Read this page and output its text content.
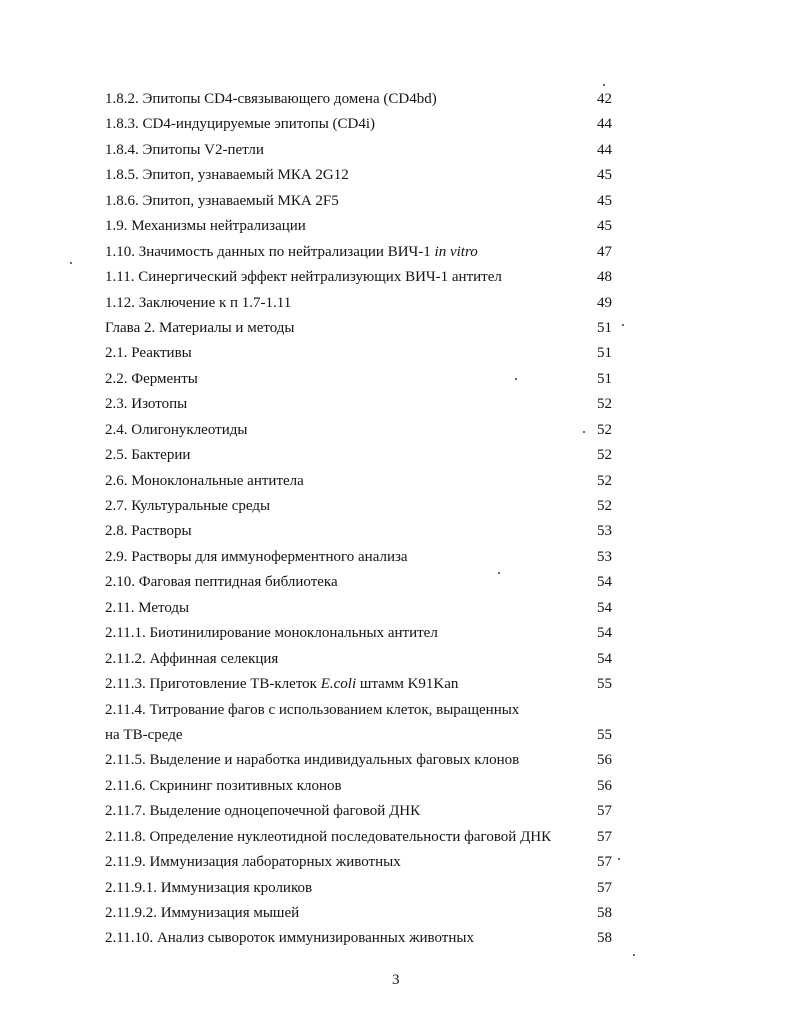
1.8.2. Эпитопы CD4-связывающего домена (CD4bd)	42
1.8.3. CD4-индуцируемые эпитопы (CD4i)	44
1.8.4. Эпитопы V2-петли	44
1.8.5. Эпитоп, узнаваемый МКА 2G12	45
1.8.6. Эпитоп, узнаваемый МКА 2F5	45
1.9. Механизмы нейтрализации	45
1.10. Значимость данных по нейтрализации ВИЧ-1 in vitro	47
1.11. Синергический эффект нейтрализующих ВИЧ-1 антител	48
1.12. Заключение к п 1.7-1.11	49
Глава 2. Материалы и методы	51
2.1. Реактивы	51
2.2. Ферменты	51
2.3. Изотопы	52
2.4. Олигонуклеотиды	52
2.5. Бактерии	52
2.6. Моноклональные антитела	52
2.7. Культуральные среды	52
2.8. Растворы	53
2.9. Растворы для иммуноферментного анализа	53
2.10. Фаговая пептидная библиотека	54
2.11. Методы	54
2.11.1. Биотинилирование моноклональных антител	54
2.11.2. Аффинная селекция	54
2.11.3. Приготовление ТВ-клеток E.coli штамм K91Kan	55
2.11.4. Титрование фагов с использованием клеток, выращенных
на ТВ-среде	55
2.11.5. Выделение и наработка индивидуальных фаговых клонов	56
2.11.6. Скрининг позитивных клонов	56
2.11.7. Выделение одноцепочечной фаговой ДНК	57
2.11.8. Определение нуклеотидной последовательности фаговой ДНК	57
2.11.9. Иммунизация лабораторных животных	57
2.11.9.1. Иммунизация кроликов	57
2.11.9.2. Иммунизация мышей	58
2.11.10. Анализ сывороток иммунизированных животных	58
3
